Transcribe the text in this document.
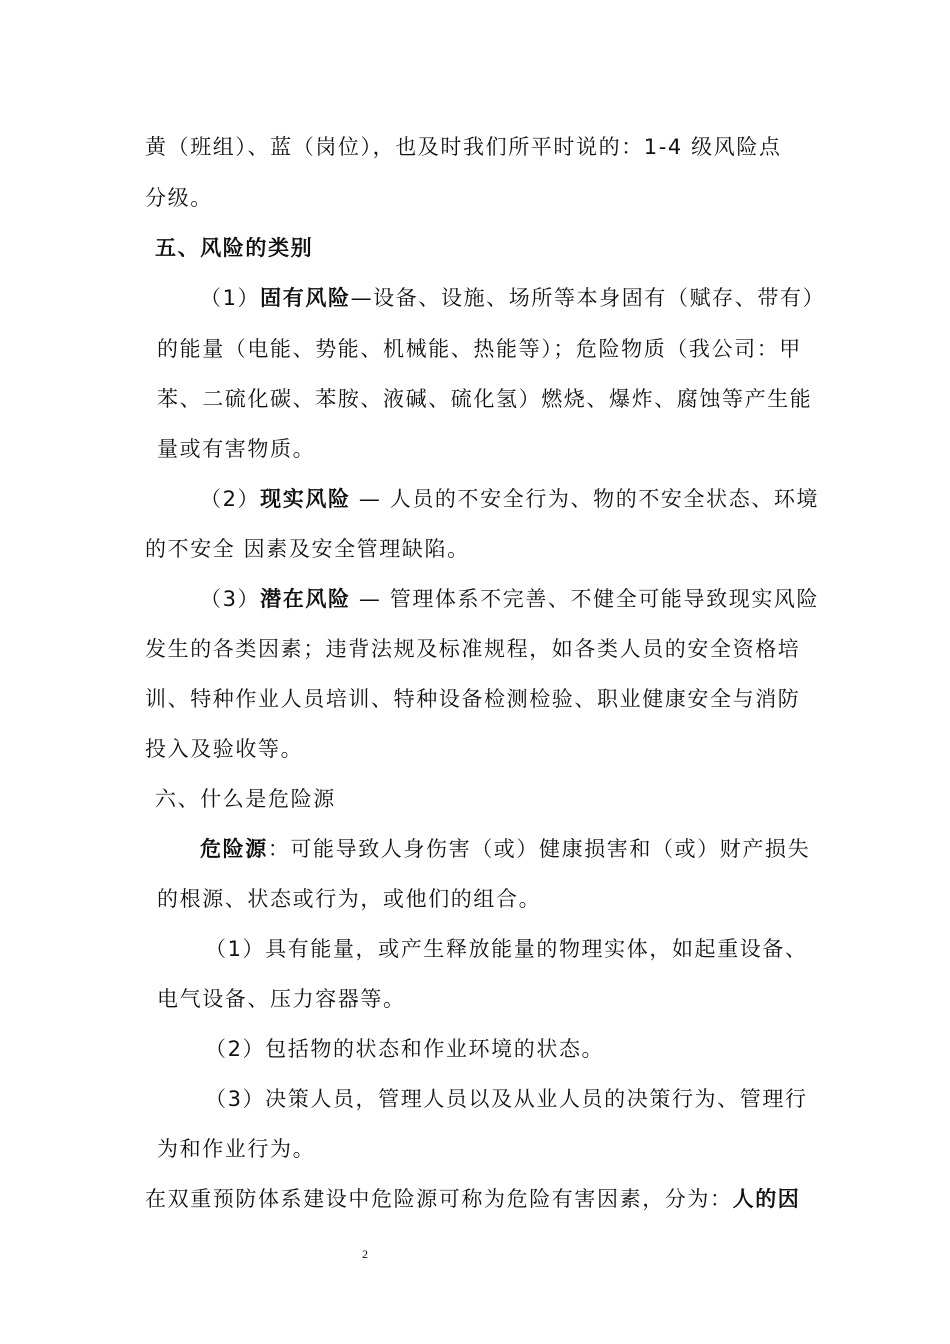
黄（班组）、蓝（岗位），也及时我们所平时说的：1-4 级风险点
分级。
五、风险的类别
（1）固有风险—设备、设施、场所等本身固有（赋存、带有）
的能量（电能、势能、机械能、热能等）；危险物质（我公司：甲
苯、二硫化碳、苯胺、液碱、硫化氢）燃烧、爆炸、腐蚀等产生能
量或有害物质。
（2）现实风险 — 人员的不安全行为、物的不安全状态、环境
的不安全 因素及安全管理缺陷。
（3）潜在风险 — 管理体系不完善、不健全可能导致现实风险
发生的各类因素；违背法规及标准规程，如各类人员的安全资格培
训、特种作业人员培训、特种设备检测检验、职业健康安全与消防
投入及验收等。
六、什么是危险源
危险源：可能导致人身伤害（或）健康损害和（或）财产损失
的根源、状态或行为，或他们的组合。
（1）具有能量，或产生释放能量的物理实体，如起重设备、
电气设备、压力容器等。
（2）包括物的状态和作业环境的状态。
（3）决策人员，管理人员以及从业人员的决策行为、管理行
为和作业行为。
在双重预防体系建设中危险源可称为危险有害因素，分为：人的因
2
